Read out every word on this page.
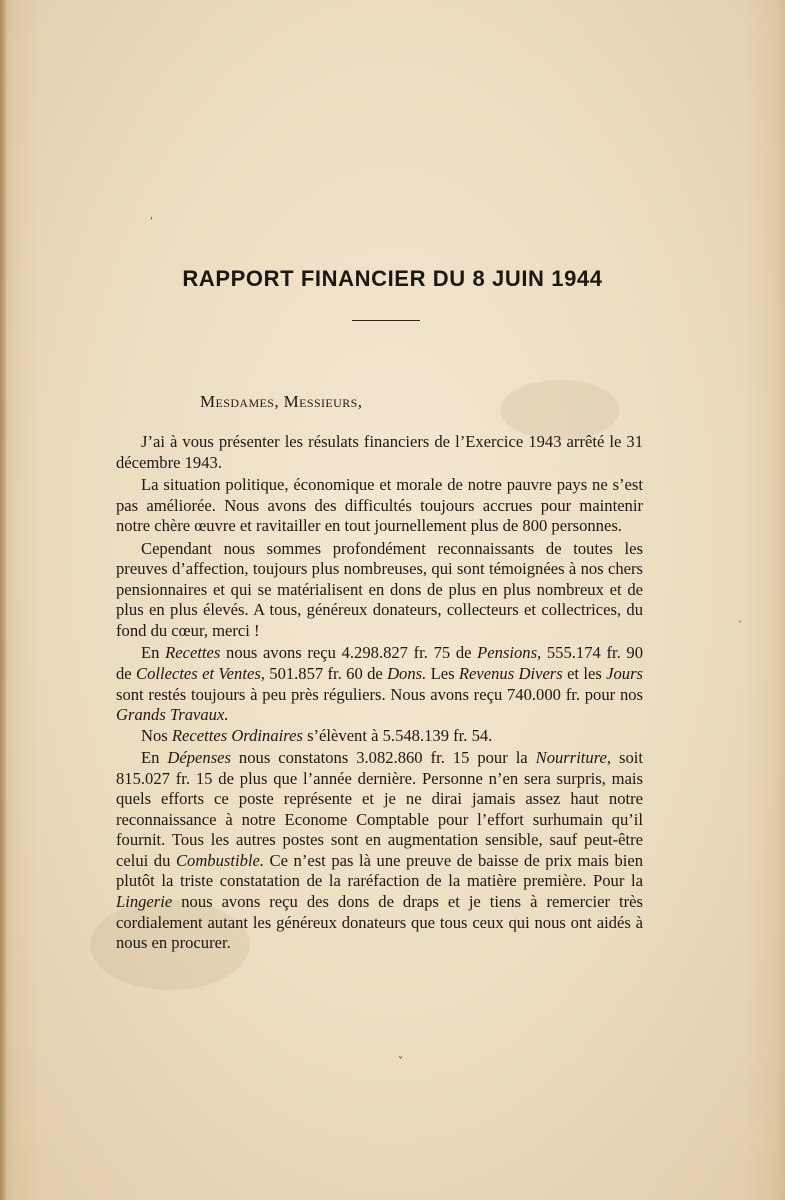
RAPPORT FINANCIER DU 8 JUIN 1944
Mesdames, Messieurs,

J’ai à vous présenter les résulats financiers de l’Exercice 1943 arrêté le 31 décembre 1943.

La situation politique, économique et morale de notre pauvre pays ne s’est pas améliorée. Nous avons des difficultés toujours accrues pour maintenir notre chère œuvre et ravitailler en tout journellement plus de 800 personnes.

Cependant nous sommes profondément reconnaissants de toutes les preuves d’affection, toujours plus nombreuses, qui sont témoignées à nos chers pensionnaires et qui se matérialisent en dons de plus en plus nombreux et de plus en plus élevés. A tous, généreux donateurs, collecteurs et collectrices, du fond du cœur, merci !

En Recettes nous avons reçu 4.298.827 fr. 75 de Pensions, 555.174 fr. 90 de Collectes et Ventes, 501.857 fr. 60 de Dons. Les Revenus Divers et les Jours sont restés toujours à peu près réguliers. Nous avons reçu 740.000 fr. pour nos Grands Travaux.

Nos Recettes Ordinaires s’élèvent à 5.548.139 fr. 54.

En Dépenses nous constatons 3.082.860 fr. 15 pour la Nourriture, soit 815.027 fr. 15 de plus que l’année dernière. Personne n’en sera surpris, mais quels efforts ce poste représente et je ne dirai jamais assez haut notre reconnaissance à notre Econome Comptable pour l’effort surhumain qu’il fournit. Tous les autres postes sont en augmentation sensible, sauf peut-être celui du Combustible. Ce n’est pas là une preuve de baisse de prix mais bien plutôt la triste constatation de la raréfaction de la matière première. Pour la Lingerie nous avons reçu des dons de draps et je tiens à remercier très cordialement autant les généreux donateurs que tous ceux qui nous ont aidés à nous en procurer.

ˌ
ˏ
˅
